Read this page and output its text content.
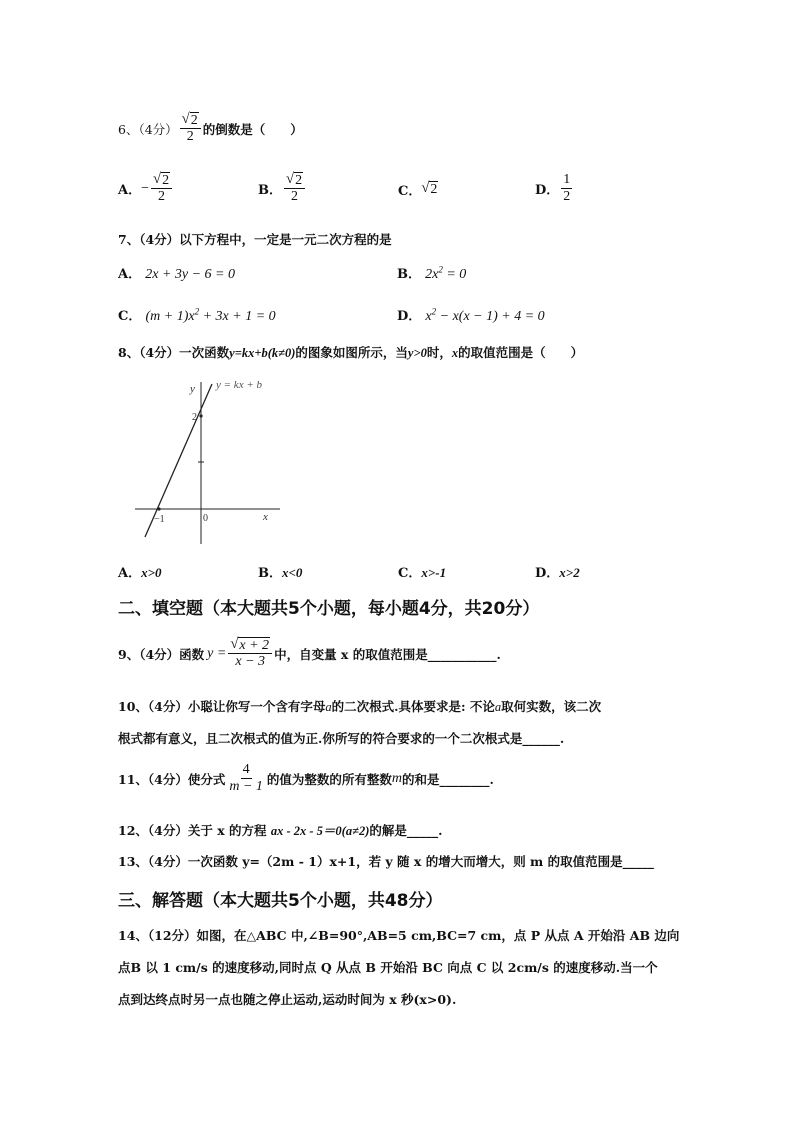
6、（4分） $\frac{√ 2}{2}$ 的倒数是（　　）
A． − $\frac{√ 2}{2}$	B． $\frac{√ 2}{2}$	C． √ 2	D． $\frac{1}{2}$
7、（4分）以下方程中，一定是一元二次方程的是
A． 2x + 3y − 6 = 0	B． $2x^2 = 0$
C． $(m + 1)x^2 + 3x + 1 = 0$	D． $x^2 - x(x - 1) + 4 = 0$
8、（4分）一次函数y=kx+b(k≠0)的图象如图所示，当y>0时，x的取值范围是（　　）
y y = kx + b
2
−1	0	x
A．x>0	B．x<0	C．x>-1	D．x>2
二、填空题（本大题共5个小题，每小题4分，共20分）
9、（4分）函数 $y = \frac{√ x + 2}{x - 3}$ 中，自变量 x 的取值范围是___________.
10、（4分）小聪让你写一个含有字母a的二次根式.具体要求是: 不论a取何实数，该二次
根式都有意义，且二次根式的值为正.你所写的符合要求的一个二次根式是______.
11、（4分）使分式 $\frac{4}{m - 1}$ 的值为整数的所有整数 m 的和是________.
12、（4分）关于 x 的方程 ax - 2x - 5＝0(a≠2)的解是_____.
13、（4分）一次函数 y=（2m - 1）x+1，若 y 随 x 的增大而增大，则 m 的取值范围是_____
三、解答题（本大题共5个小题，共48分）
14、（12分）如图，在△ABC 中,∠B=90°,AB=5 cm,BC=7 cm，点 P 从点 A 开始沿 AB 边向
点B 以 1 cm/s 的速度移动,同时点 Q 从点 B 开始沿 BC 向点 C 以 2cm/s 的速度移动.当一个
点到达终点时另一点也随之停止运动,运动时间为 x 秒(x>0).
